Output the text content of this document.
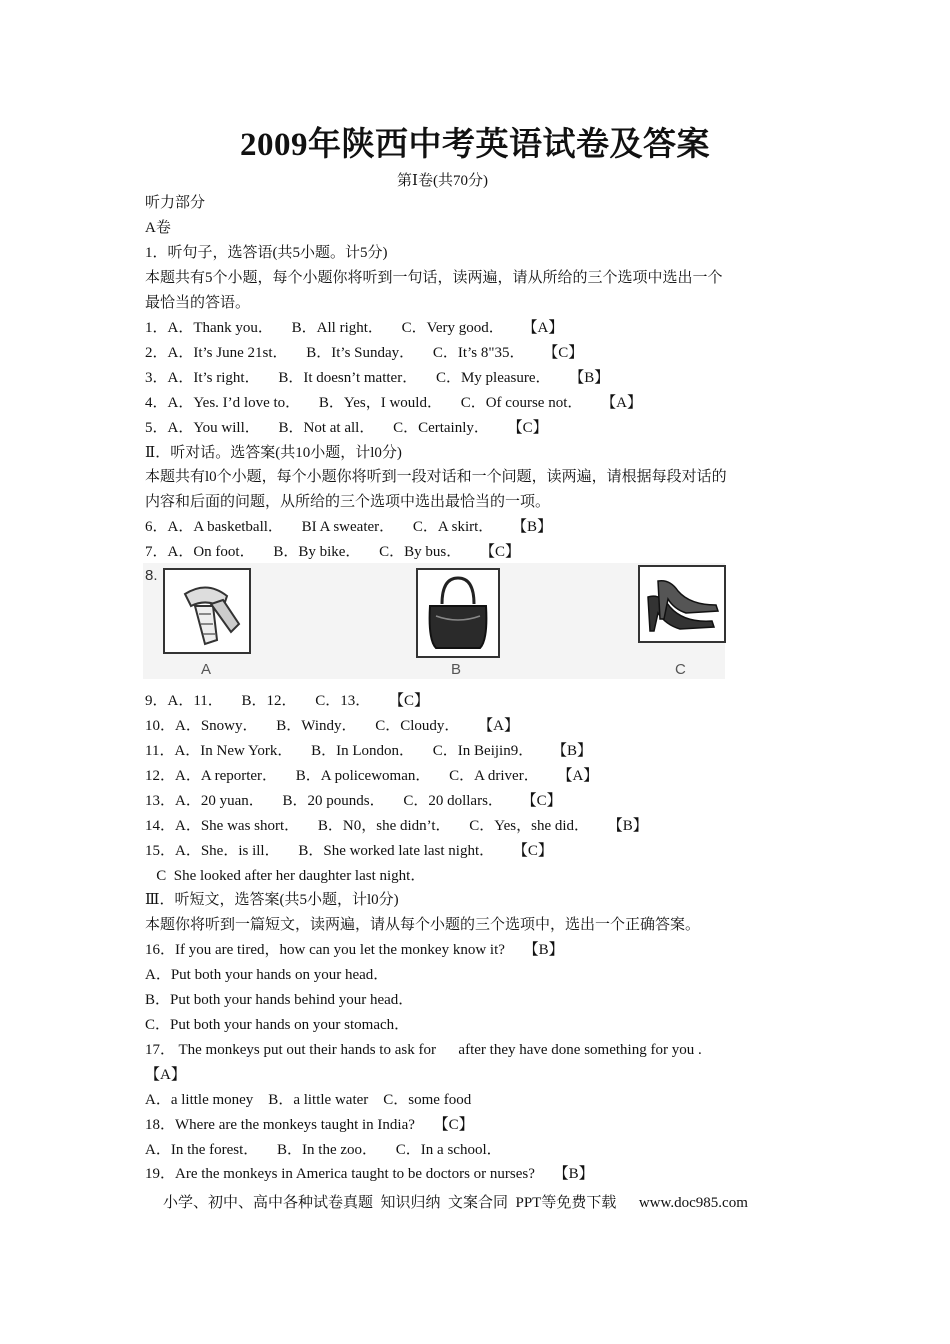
2009年陕西中考英语试卷及答案
第Ⅰ卷(共70分)
听力部分
A卷
1．听句子，选答语(共5小题。计5分)
本题共有5个小题，每个小题你将听到一句话，读两遍，请从所给的三个选项中选出一个
最恰当的答语。
1．A．Thank you．     B．All right．     C．Very good．     【A】
2．A．It’s June 21st．     B．It’s Sunday．     C．It’s 8"35．     【C】
3．A．It’s right．     B．It doesn’t matter．     C．My pleasure．     【B】
4．A．Yes. I’d love to．     B．Yes，I would．     C．Of course not．     【A】
5．A．You will．     B．Not at all．     C．Certainly．     【C】
Ⅱ．听对话。选答案(共10小题，计l0分)
本题共有l0个小题，每个小题你将听到一段对话和一个问题，读两遍，请根据每段对话的
内容和后面的问题，从所给的三个选项中选出最恰当的一项。
6．A．A basketball．     BI A sweater．     C．A skirt．     【B】
7．A．On foot．     B．By bike．     C．By bus．     【C】
8.
A	B	C
9．A．11．     B．12．     C．13．     【C】
10．A．Snowy．     B．Windy．     C．Cloudy．     【A】
11．A．In New York．     B．In London．     C．In Beijin9．     【B】
12．A．A reporter．     B．A policewoman．     C．A driver．     【A】
13．A．20 yuan．     B．20 pounds．     C．20 dollars．     【C】
14．A．She was short．     B．N0，she didn’t．     C．Yes，she did．     【B】
15．A．She．is ill．     B．She worked late last night．     【C】
C  She looked after her daughter last night．
Ⅲ．听短文，选答案(共5小题，计l0分)
本题你将听到一篇短文，读两遍，请从每个小题的三个选项中，选出一个正确答案。
16．If you are tired，how can you let the monkey know it?     【B】
A．Put both your hands on your head．
B．Put both your hands behind your head．
C．Put both your hands on your stomach．
17． The monkeys put out their hands to ask for      after they have done something for you .
【A】
A．a little money    B．a little water    C．some food
18．Where are the monkeys taught in India?     【C】
A．In the forest．     B．In the zoo．     C．In a school．
19．Are the monkeys in America taught to be doctors or nurses?     【B】
小学、初中、高中各种试卷真题  知识归纳  文案合同  PPT等免费下载      www.doc985.com
